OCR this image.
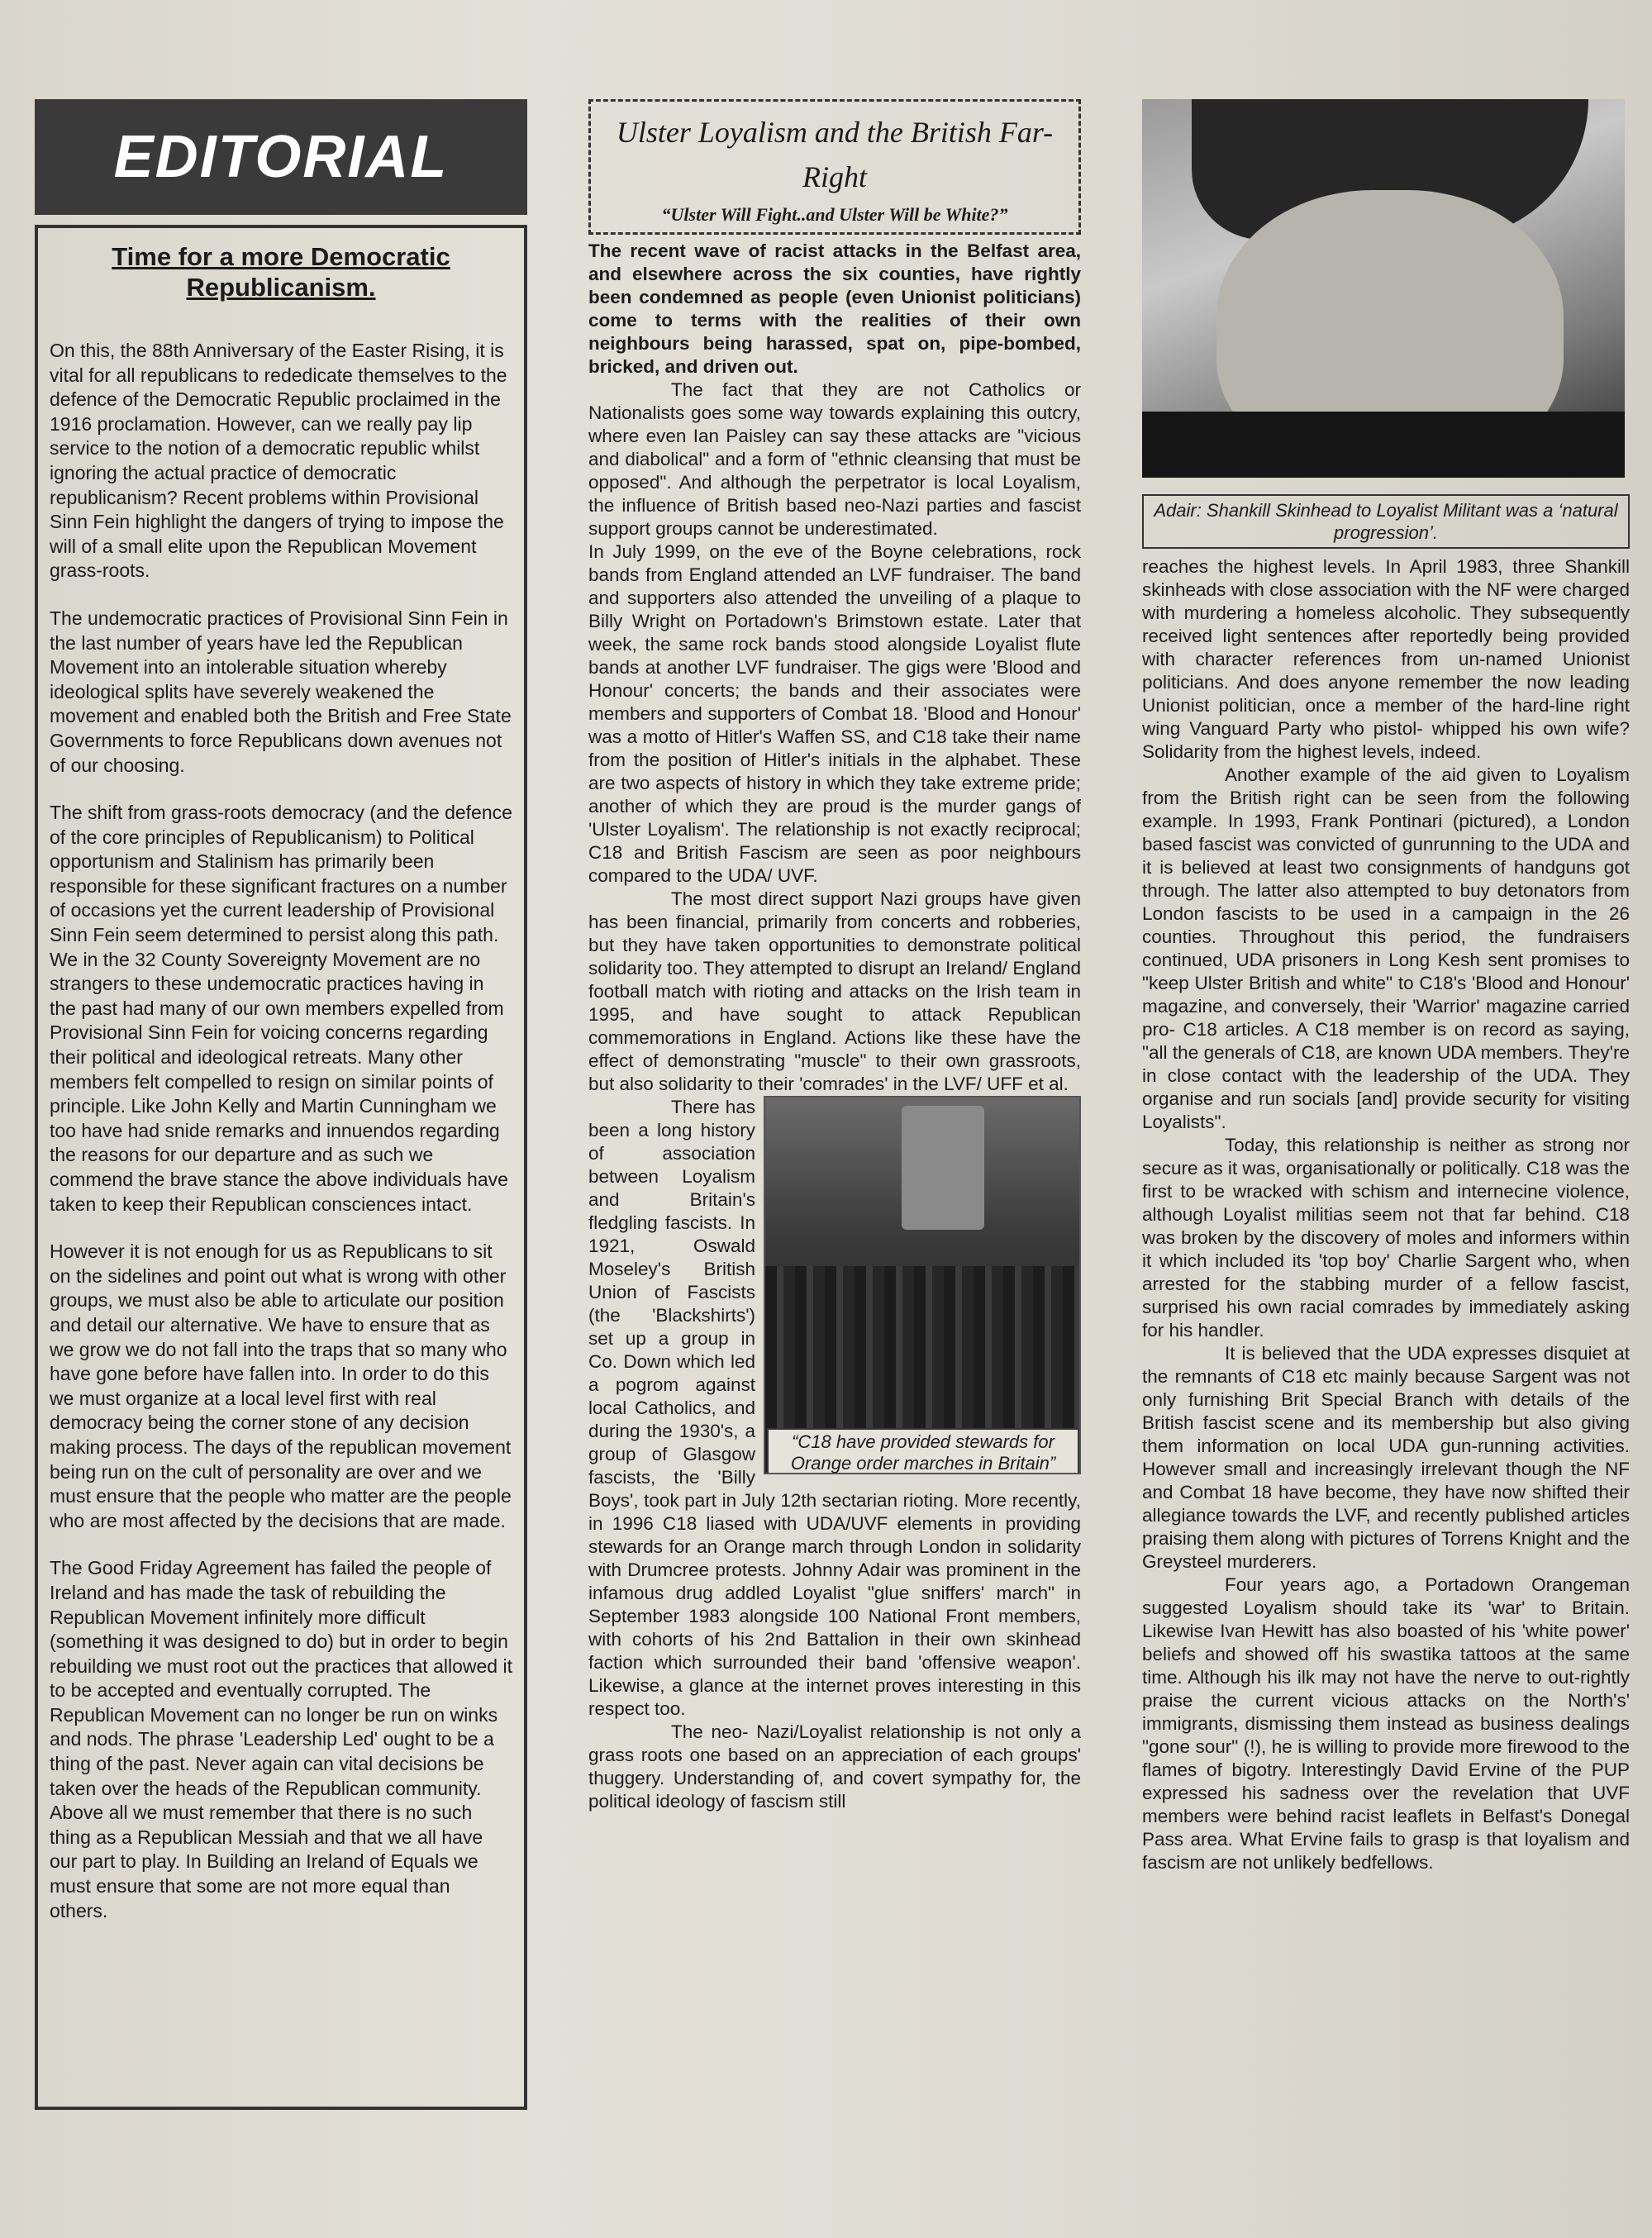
EDITORIAL
Time for a more Democratic Republicanism.

On this, the 88th Anniversary of the Easter Rising, it is vital for all republicans to rededicate themselves to the defence of the Democratic Republic proclaimed in the 1916 proclamation. However, can we really pay lip service to the notion of a democratic republic whilst ignoring the actual practice of democratic republicanism? Recent problems within Provisional Sinn Fein highlight the dangers of trying to impose the will of a small elite upon the Republican Movement grass-roots.

The undemocratic practices of Provisional Sinn Fein in the last number of years have led the Republican Movement into an intolerable situation whereby ideological splits have severely weakened the movement and enabled both the British and Free State Governments to force Republicans down avenues not of our choosing.

The shift from grass-roots democracy (and the defence of the core principles of Republicanism) to Political opportunism and Stalinism has primarily been responsible for these significant fractures on a number of occasions yet the current leadership of Provisional Sinn Fein seem determined to persist along this path. We in the 32 County Sovereignty Movement are no strangers to these undemocratic practices having in the past had many of our own members expelled from Provisional Sinn Fein for voicing concerns regarding their political and ideological retreats. Many other members felt compelled to resign on similar points of principle. Like John Kelly and Martin Cunningham we too have had snide remarks and innuendos regarding the reasons for our departure and as such we commend the brave stance the above individuals have taken to keep their Republican consciences intact.

However it is not enough for us as Republicans to sit on the sidelines and point out what is wrong with other groups, we must also be able to articulate our position and detail our alternative. We have to ensure that as we grow we do not fall into the traps that so many who have gone before have fallen into. In order to do this we must organize at a local level first with real democracy being the corner stone of any decision making process. The days of the republican movement being run on the cult of personality are over and we must ensure that the people who matter are the people who are most affected by the decisions that are made.

The Good Friday Agreement has failed the people of Ireland and has made the task of rebuilding the Republican Movement infinitely more difficult (something it was designed to do) but in order to begin rebuilding we must root out the practices that allowed it to be accepted and eventually corrupted. The Republican Movement can no longer be run on winks and nods. The phrase 'Leadership Led' ought to be a thing of the past. Never again can vital decisions be taken over the heads of the Republican community. Above all we must remember that there is no such thing as a Republican Messiah and that we all have our part to play. In Building an Ireland of Equals we must ensure that some are not more equal than others.

Ulster Loyalism and the British Far-Right
“Ulster Will Fight..and Ulster Will be White?”

The recent wave of racist attacks in the Belfast area, and elsewhere across the six counties, have rightly been condemned as people (even Unionist politicians) come to terms with the realities of their own neighbours being harassed, spat on, pipe-bombed, bricked, and driven out.

The fact that they are not Catholics or Nationalists goes some way towards explaining this outcry, where even Ian Paisley can say these attacks are "vicious and diabolical" and a form of "ethnic cleansing that must be opposed". And although the perpetrator is local Loyalism, the influence of British based neo-Nazi parties and fascist support groups cannot be underestimated.

In July 1999, on the eve of the Boyne celebrations, rock bands from England attended an LVF fundraiser. The band and supporters also attended the unveiling of a plaque to Billy Wright on Portadown's Brimstown estate. Later that week, the same rock bands stood alongside Loyalist flute bands at another LVF fundraiser. The gigs were 'Blood and Honour' concerts; the bands and their associates were members and supporters of Combat 18. 'Blood and Honour' was a motto of Hitler's Waffen SS, and C18 take their name from the position of Hitler's initials in the alphabet. These are two aspects of history in which they take extreme pride; another of which they are proud is the murder gangs of 'Ulster Loyalism'. The relationship is not exactly reciprocal; C18 and British Fascism are seen as poor neighbours compared to the UDA/ UVF.

The most direct support Nazi groups have given has been financial, primarily from concerts and robberies, but they have taken opportunities to demonstrate political solidarity too. They attempted to disrupt an Ireland/ England football match with rioting and attacks on the Irish team in 1995, and have sought to attack Republican commemorations in England. Actions like these have the effect of demonstrating "muscle" to their own grassroots, but also solidarity to their 'comrades' in the LVF/ UFF et al.

“C18 have provided stewards for Orange order marches in Britain”

There has been a long history of association between Loyalism and Britain's fledgling fascists. In 1921, Oswald Moseley's British Union of Fascists (the 'Blackshirts') set up a group in Co. Down which led a pogrom against local Catholics, and during the 1930's, a group of Glasgow fascists, the 'Billy Boys', took part in July 12th sectarian rioting. More recently, in 1996 C18 liased with UDA/UVF elements in providing stewards for an Orange march through London in solidarity with Drumcree protests. Johnny Adair was prominent in the infamous drug addled Loyalist "glue sniffers' march" in September 1983 alongside 100 National Front members, with cohorts of his 2nd Battalion in their own skinhead faction which surrounded their band 'offensive weapon'. Likewise, a glance at the internet proves interesting in this respect too.

The neo- Nazi/Loyalist relationship is not only a grass roots one based on an appreciation of each groups' thuggery. Understanding of, and covert sympathy for, the political ideology of fascism still

Adair: Shankill Skinhead to Loyalist Militant was a ‘natural progression’.

reaches the highest levels. In April 1983, three Shankill skinheads with close association with the NF were charged with murdering a homeless alcoholic. They subsequently received light sentences after reportedly being provided with character references from un-named Unionist politicians. And does anyone remember the now leading Unionist politician, once a member of the hard-line right wing Vanguard Party who pistol- whipped his own wife? Solidarity from the highest levels, indeed.

Another example of the aid given to Loyalism from the British right can be seen from the following example. In 1993, Frank Pontinari (pictured), a London based fascist was convicted of gunrunning to the UDA and it is believed at least two consignments of handguns got through. The latter also attempted to buy detonators from London fascists to be used in a campaign in the 26 counties. Throughout this period, the fundraisers continued, UDA prisoners in Long Kesh sent promises to "keep Ulster British and white" to C18's 'Blood and Honour' magazine, and conversely, their 'Warrior' magazine carried pro- C18 articles. A C18 member is on record as saying, "all the generals of C18, are known UDA members. They're in close contact with the leadership of the UDA. They organise and run socials [and] provide security for visiting Loyalists".

Today, this relationship is neither as strong nor secure as it was, organisationally or politically. C18 was the first to be wracked with schism and internecine violence, although Loyalist militias seem not that far behind. C18 was broken by the discovery of moles and informers within it which included its 'top boy' Charlie Sargent who, when arrested for the stabbing murder of a fellow fascist, surprised his own racial comrades by immediately asking for his handler.

It is believed that the UDA expresses disquiet at the remnants of C18 etc mainly because Sargent was not only furnishing Brit Special Branch with details of the British fascist scene and its membership but also giving them information on local UDA gun-running activities. However small and increasingly irrelevant though the NF and Combat 18 have become, they have now shifted their allegiance towards the LVF, and recently published articles praising them along with pictures of Torrens Knight and the Greysteel murderers.

Four years ago, a Portadown Orangeman suggested Loyalism should take its 'war' to Britain. Likewise Ivan Hewitt has also boasted of his 'white power' beliefs and showed off his swastika tattoos at the same time. Although his ilk may not have the nerve to out-rightly praise the current vicious attacks on the North's' immigrants, dismissing them instead as business dealings "gone sour" (!), he is willing to provide more firewood to the flames of bigotry. Interestingly David Ervine of the PUP expressed his sadness over the revelation that UVF members were behind racist leaflets in Belfast's Donegal Pass area. What Ervine fails to grasp is that loyalism and fascism are not unlikely bedfellows.
